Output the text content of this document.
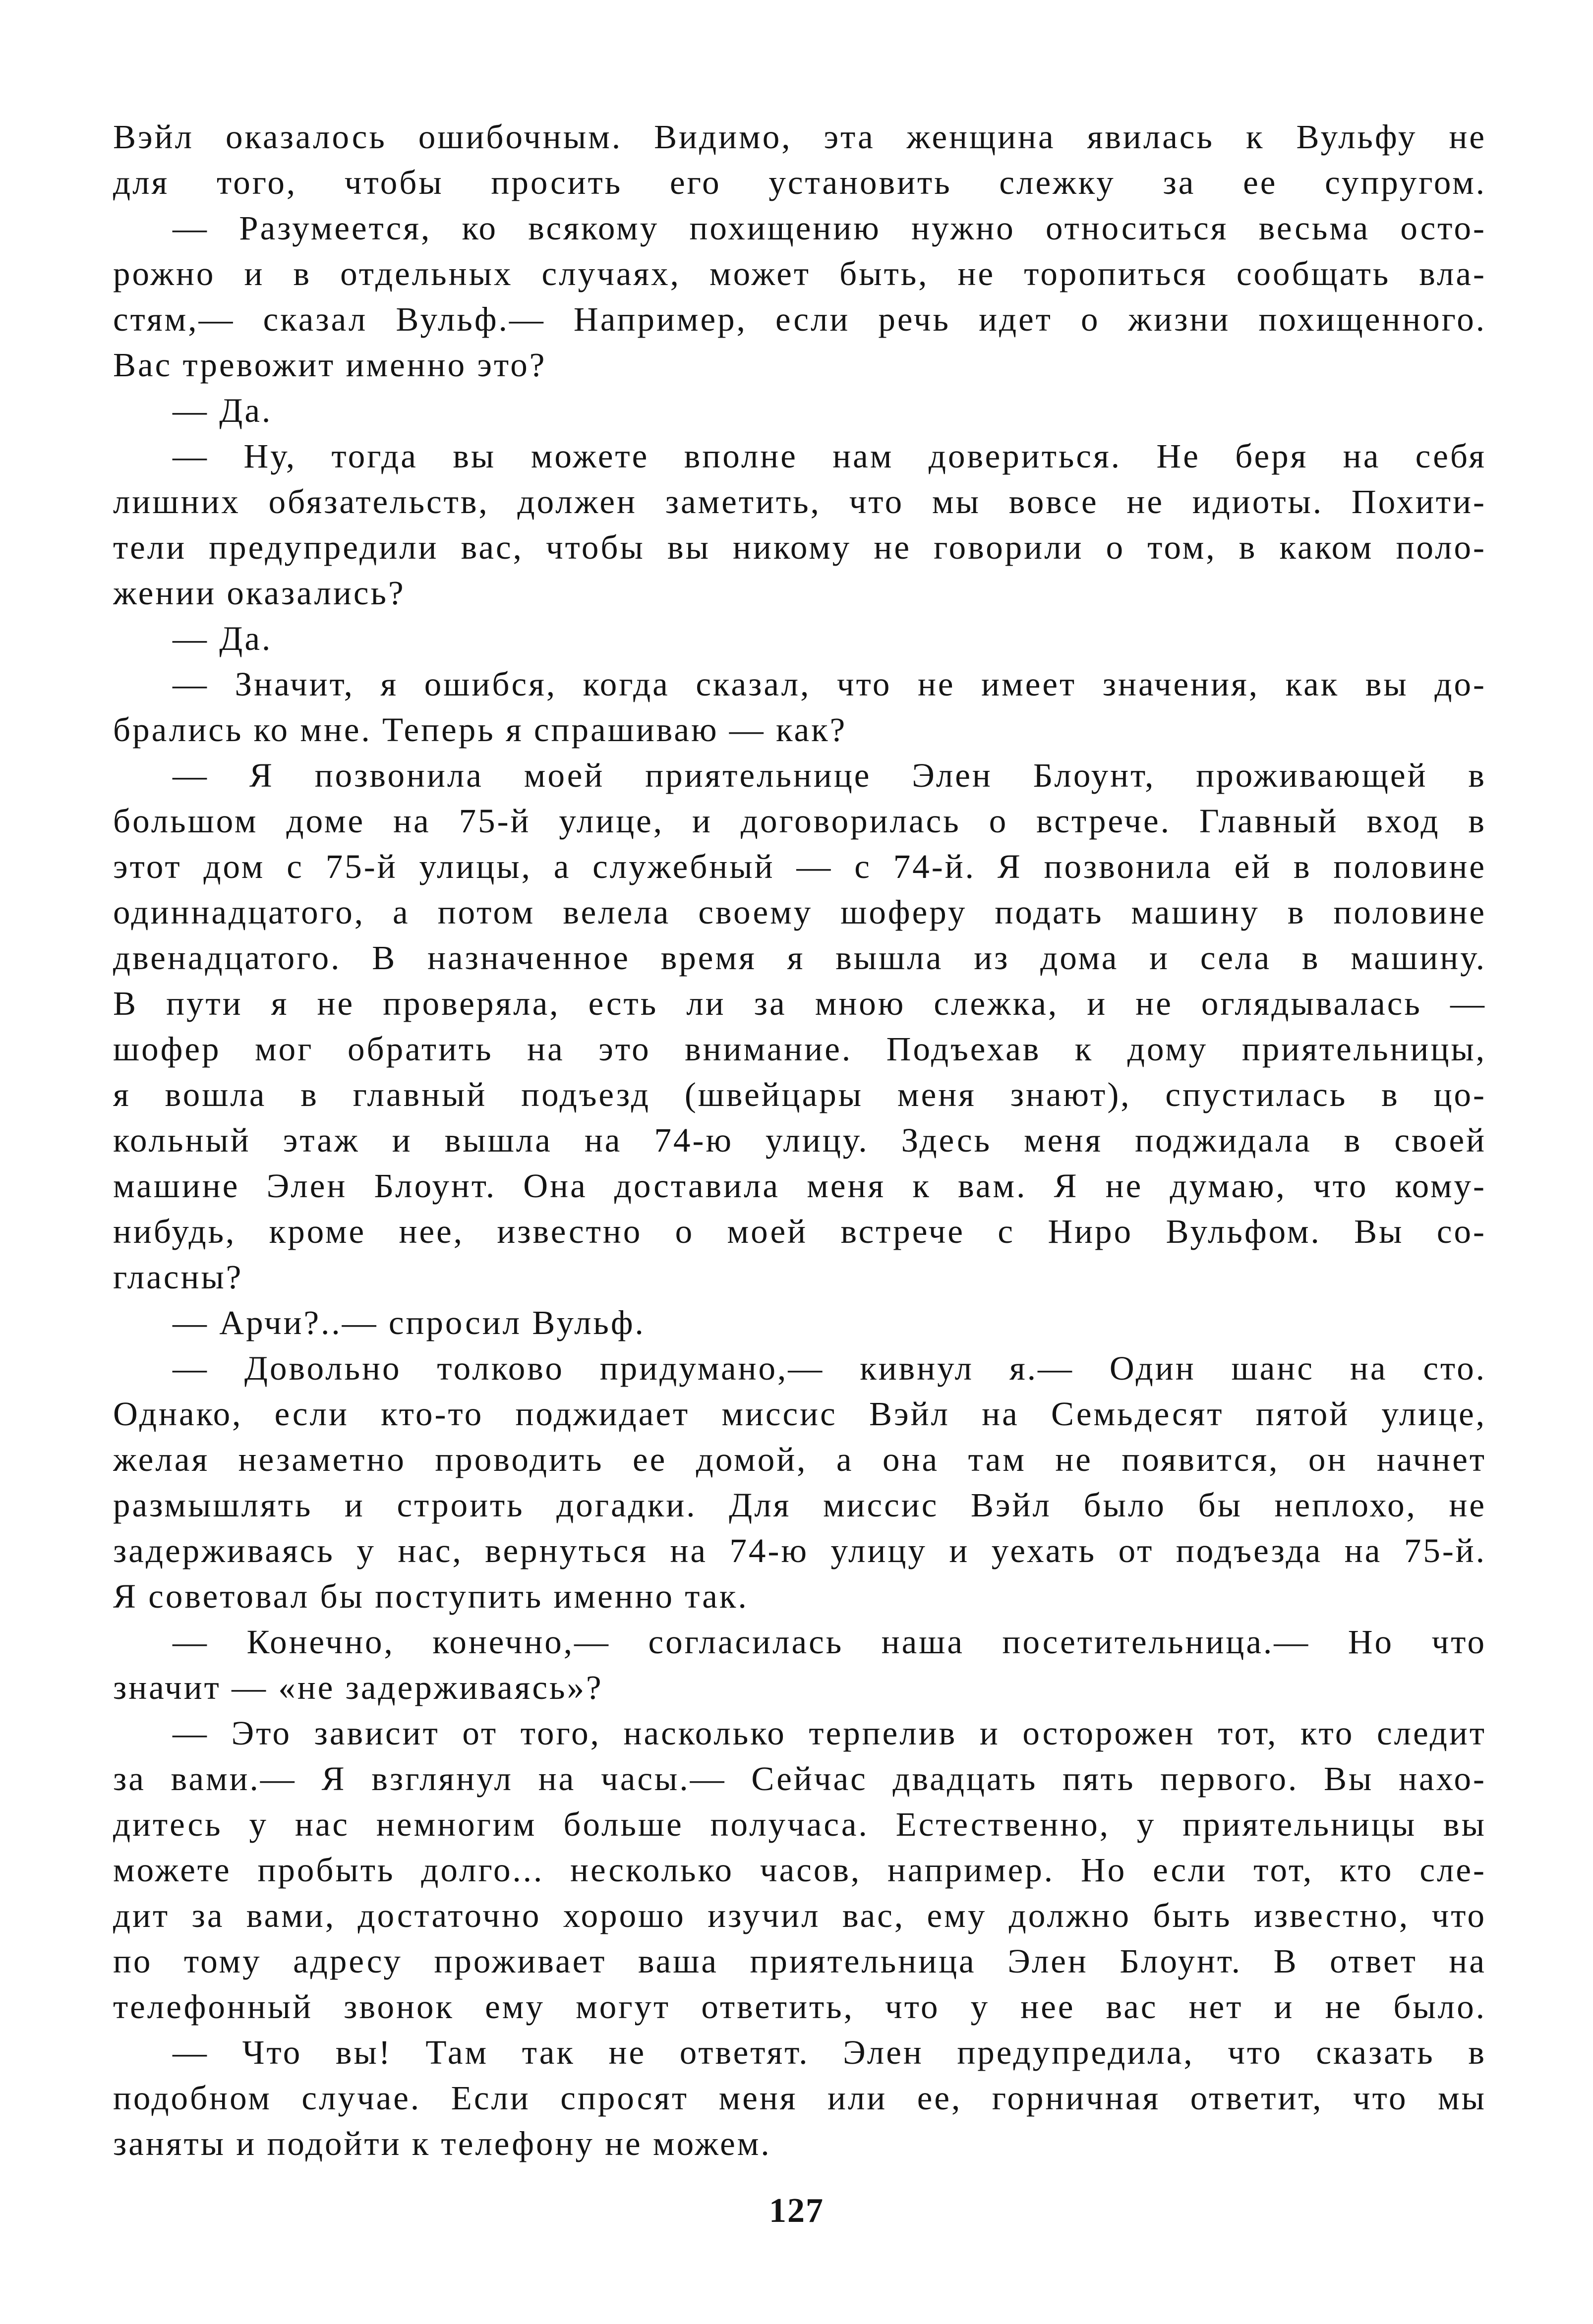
Вэйл оказалось ошибочным. Видимо, эта женщина явилась к Вульфу не
для того, чтобы просить его установить слежку за ее супругом.
— Разумеется, ко всякому похищению нужно относиться весьма осто-
рожно и в отдельных случаях, может быть, не торопиться сообщать вла-
стям,— сказал Вульф.— Например, если речь идет о жизни похищенного.
Вас тревожит именно это?
— Да.
— Ну, тогда вы можете вполне нам довериться. Не беря на себя
лишних обязательств, должен заметить, что мы вовсе не идиоты. Похити-
тели предупредили вас, чтобы вы никому не говорили о том, в каком поло-
жении оказались?
— Да.
— Значит, я ошибся, когда сказал, что не имеет значения, как вы до-
брались ко мне. Теперь я спрашиваю — как?
— Я позвонила моей приятельнице Элен Блоунт, проживающей в
большом доме на 75-й улице, и договорилась о встрече. Главный вход в
этот дом с 75-й улицы, а служебный — с 74-й. Я позвонила ей в половине
одиннадцатого, а потом велела своему шоферу подать машину в половине
двенадцатого. В назначенное время я вышла из дома и села в машину.
В пути я не проверяла, есть ли за мною слежка, и не оглядывалась —
шофер мог обратить на это внимание. Подъехав к дому приятельницы,
я вошла в главный подъезд (швейцары меня знают), спустилась в цо-
кольный этаж и вышла на 74-ю улицу. Здесь меня поджидала в своей
машине Элен Блоунт. Она доставила меня к вам. Я не думаю, что кому-
нибудь, кроме нее, известно о моей встрече с Ниро Вульфом. Вы со-
гласны?
— Арчи?..— спросил Вульф.
— Довольно толково придумано,— кивнул я.— Один шанс на сто.
Однако, если кто-то поджидает миссис Вэйл на Семьдесят пятой улице,
желая незаметно проводить ее домой, а она там не появится, он начнет
размышлять и строить догадки. Для миссис Вэйл было бы неплохо, не
задерживаясь у нас, вернуться на 74-ю улицу и уехать от подъезда на 75-й.
Я советовал бы поступить именно так.
— Конечно, конечно,— согласилась наша посетительница.— Но что
значит — «не задерживаясь»?
— Это зависит от того, насколько терпелив и осторожен тот, кто следит
за вами.— Я взглянул на часы.— Сейчас двадцать пять первого. Вы нахо-
дитесь у нас немногим больше получаса. Естественно, у приятельницы вы
можете пробыть долго... несколько часов, например. Но если тот, кто сле-
дит за вами, достаточно хорошо изучил вас, ему должно быть известно, что
по тому адресу проживает ваша приятельница Элен Блоунт. В ответ на
телефонный звонок ему могут ответить, что у нее вас нет и не было.
— Что вы! Там так не ответят. Элен предупредила, что сказать в
подобном случае. Если спросят меня или ее, горничная ответит, что мы
заняты и подойти к телефону не можем.
127
